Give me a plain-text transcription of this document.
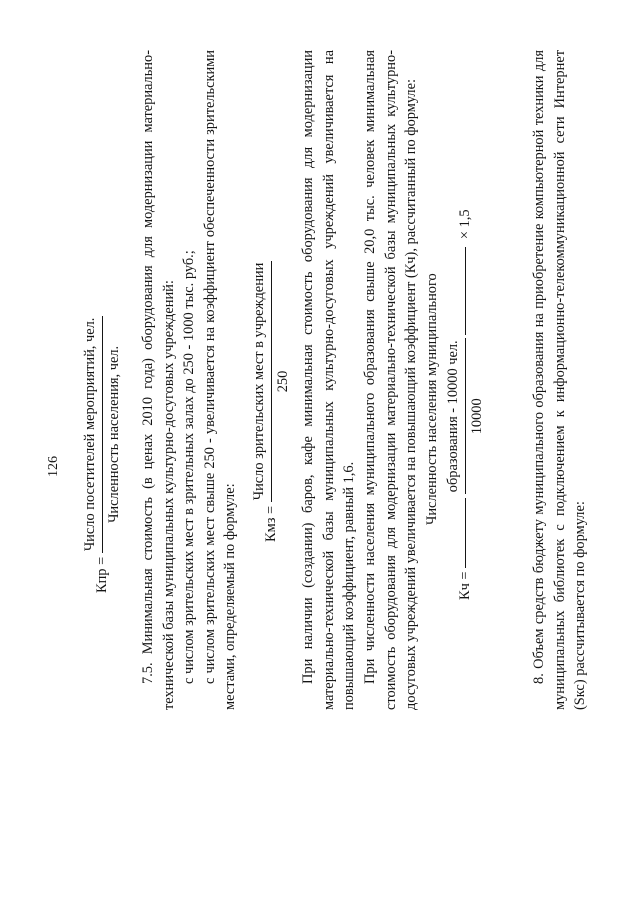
126
Кпр =
Число посетителей мероприятий, чел. Численность населения, чел. 7.5. Минимальная стоимость (в ценах 2010 года) оборудования для модернизации материально-технической базы муниципальных культурно-досуговых учреждений: с числом зрительских мест в зрительных залах до 250 - 1000 тыс. руб.; с числом зрительских мест свыше 250 - увеличивается на коэффициент обеспеченности зрительскими местами, определяемый по формуле:	Кмз =
Число зрительских мест в учреждении 250 При наличии (создании) баров, кафе минимальная стоимость оборудования для модернизации материально-технической базы муниципальных культурно-досуговых учреждений увеличивается на повышающий коэффициент, равный 1,6. При численности населения муниципального образования свыше 20,0 тыс. человек минимальная стоимость оборудования для модернизации материально-технической базы муниципальных культурно-досуговых учреждений увеличивается на повышающий коэффициент (Кч), рассчитанный по формуле: Численность населения муниципального
Кч =
образования - 10000 чел. 10000
× 1,5	8. Объем средств бюджету муниципального образования на приобретение компьютерной техники для муниципальных библиотек с подключением к информационно-телекоммуникационной сети Интернет (Sкс) рассчитывается по формуле:
